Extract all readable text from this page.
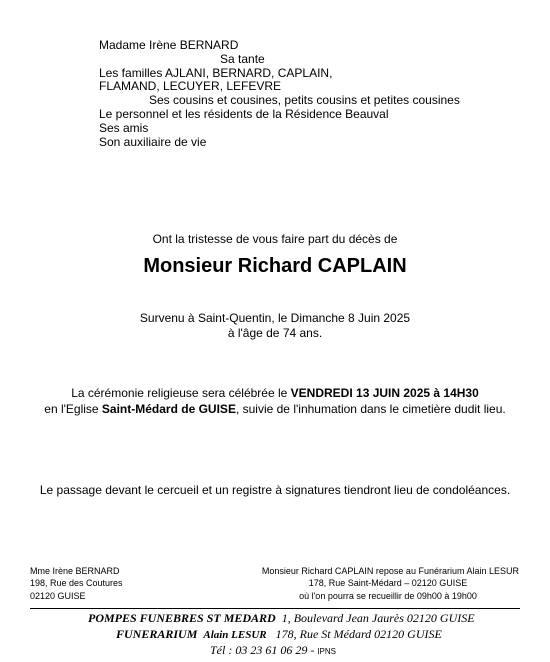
Madame Irène BERNARD
Sa tante
Les familles AJLANI, BERNARD, CAPLAIN,
FLAMAND, LECUYER, LEFEVRE
Ses cousins et cousines, petits cousins et petites cousines
Le personnel et les résidents de la Résidence Beauval
Ses amis
Son auxiliaire de vie
Ont la tristesse de vous faire part du décès de
Monsieur Richard CAPLAIN
Survenu à Saint-Quentin, le Dimanche 8 Juin 2025
à l'âge de 74 ans.
La cérémonie religieuse sera célébrée le VENDREDI 13 JUIN 2025 à 14H30
en l'Eglise Saint-Médard de GUISE, suivie de l'inhumation dans le cimetière dudit lieu.
Le passage devant le cercueil et un registre à signatures tiendront lieu de condoléances.
Mme Irène BERNARD
198, Rue des Coutures
02120 GUISE
Monsieur Richard CAPLAIN repose au Funérarium Alain LESUR
178, Rue Saint-Médard – 02120 GUISE
où l'on pourra se recueillir de 09h00 à 19h00
POMPES FUNEBRES ST MEDARD 1, Boulevard Jean Jaurès 02120 GUISE
FUNERARIUM Alain LESUR 178, Rue St Médard 02120 GUISE
Tél : 03 23 61 06 29 - IPNS
